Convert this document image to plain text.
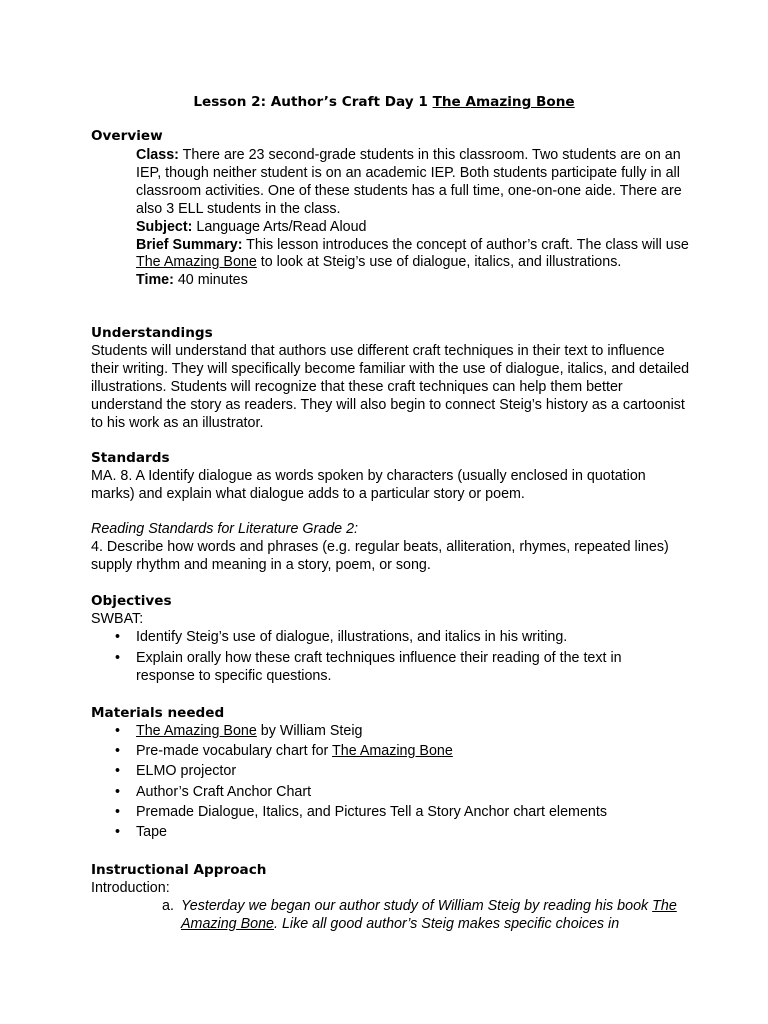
Lesson 2: Author’s Craft Day 1 The Amazing Bone
Overview
Class: There are 23 second-grade students in this classroom. Two students are on an IEP, though neither student is on an academic IEP. Both students participate fully in all classroom activities. One of these students has a full time, one-on-one aide. There are also 3 ELL students in the class.
Subject: Language Arts/Read Aloud
Brief Summary: This lesson introduces the concept of author’s craft. The class will use The Amazing Bone to look at Steig’s use of dialogue, italics, and illustrations.
Time: 40 minutes
Understandings
Students will understand that authors use different craft techniques in their text to influence their writing. They will specifically become familiar with the use of dialogue, italics, and detailed illustrations. Students will recognize that these craft techniques can help them better understand the story as readers. They will also begin to connect Steig’s history as a cartoonist to his work as an illustrator.
Standards
MA. 8. A Identify dialogue as words spoken by characters (usually enclosed in quotation marks) and explain what dialogue adds to a particular story or poem.
Reading Standards for Literature Grade 2:
4. Describe how words and phrases (e.g. regular beats, alliteration, rhymes, repeated lines) supply rhythm and meaning in a story, poem, or song.
Objectives
SWBAT:
• Identify Steig’s use of dialogue, illustrations, and italics in his writing.
• Explain orally how these craft techniques influence their reading of the text in response to specific questions.
Materials needed
• The Amazing Bone by William Steig
• Pre-made vocabulary chart for The Amazing Bone
• ELMO projector
• Author’s Craft Anchor Chart
• Premade Dialogue, Italics, and Pictures Tell a Story Anchor chart elements
• Tape
Instructional Approach
Introduction:
a. Yesterday we began our author study of William Steig by reading his book The Amazing Bone. Like all good author’s Steig makes specific choices in
